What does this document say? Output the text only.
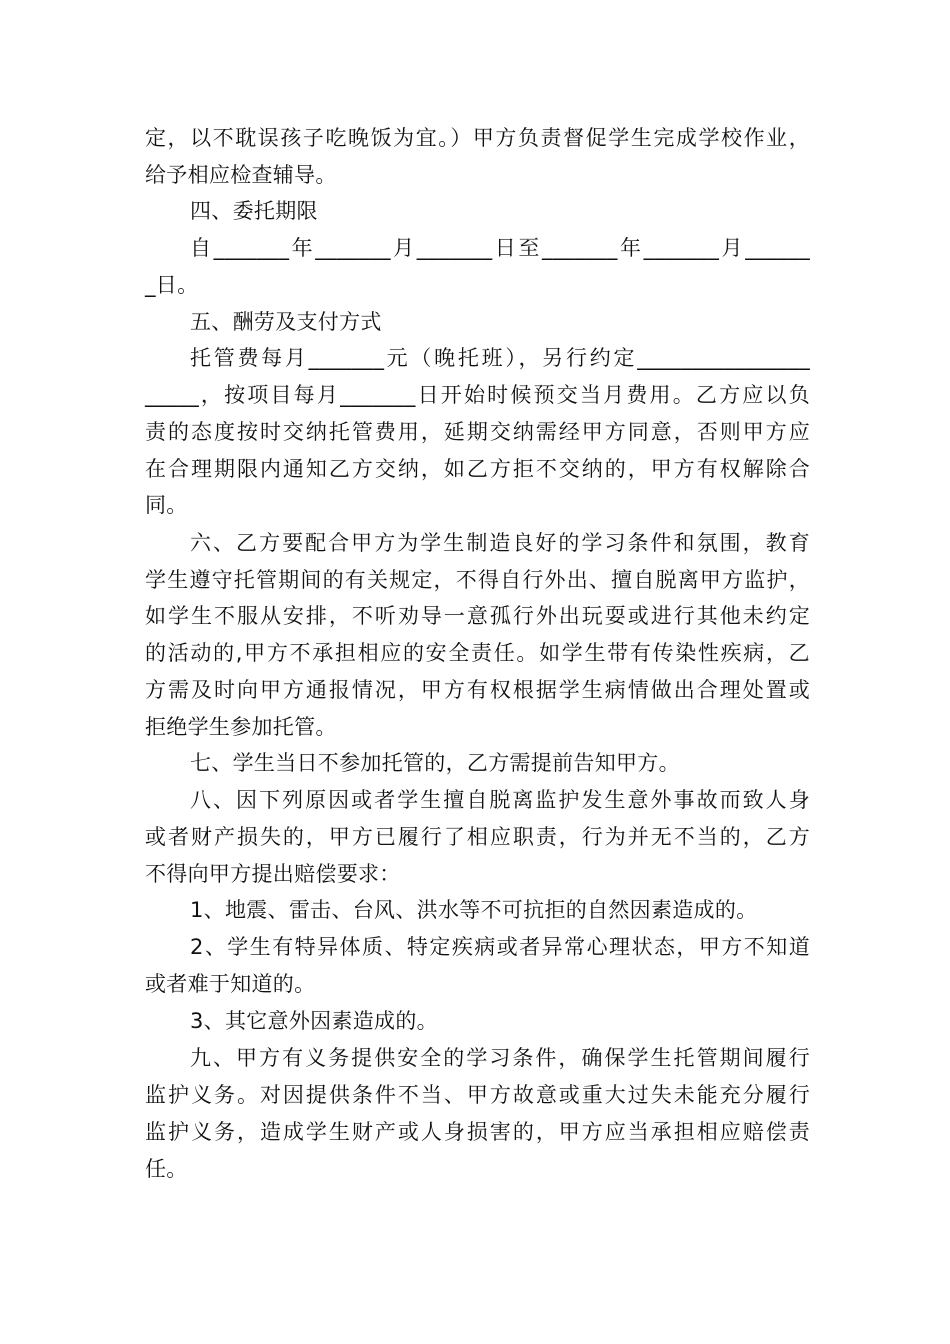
定，以不耽误孩子吃晚饭为宜。）甲方负责督促学生完成学校作业，
给予相应检查辅导。
四、委托期限
自_______年_______月_______日至_______年_______月______
_日。
五、酬劳及支付方式
托管费每月_______元（晚托班），另行约定________________
_____，按项目每月_______日开始时候预交当月费用。乙方应以负
责的态度按时交纳托管费用，延期交纳需经甲方同意，否则甲方应
在合理期限内通知乙方交纳，如乙方拒不交纳的，甲方有权解除合
同。
六、乙方要配合甲方为学生制造良好的学习条件和氛围，教育
学生遵守托管期间的有关规定，不得自行外出、擅自脱离甲方监护，
如学生不服从安排，不听劝导一意孤行外出玩耍或进行其他未约定
的活动的,甲方不承担相应的安全责任。如学生带有传染性疾病，乙
方需及时向甲方通报情况，甲方有权根据学生病情做出合理处置或
拒绝学生参加托管。
七、学生当日不参加托管的，乙方需提前告知甲方。
八、因下列原因或者学生擅自脱离监护发生意外事故而致人身
或者财产损失的，甲方已履行了相应职责，行为并无不当的，乙方
不得向甲方提出赔偿要求：
1、地震、雷击、台风、洪水等不可抗拒的自然因素造成的。
2、学生有特异体质、特定疾病或者异常心理状态，甲方不知道
或者难于知道的。
3、其它意外因素造成的。
九、甲方有义务提供安全的学习条件，确保学生托管期间履行
监护义务。对因提供条件不当、甲方故意或重大过失未能充分履行
监护义务，造成学生财产或人身损害的，甲方应当承担相应赔偿责
任。
